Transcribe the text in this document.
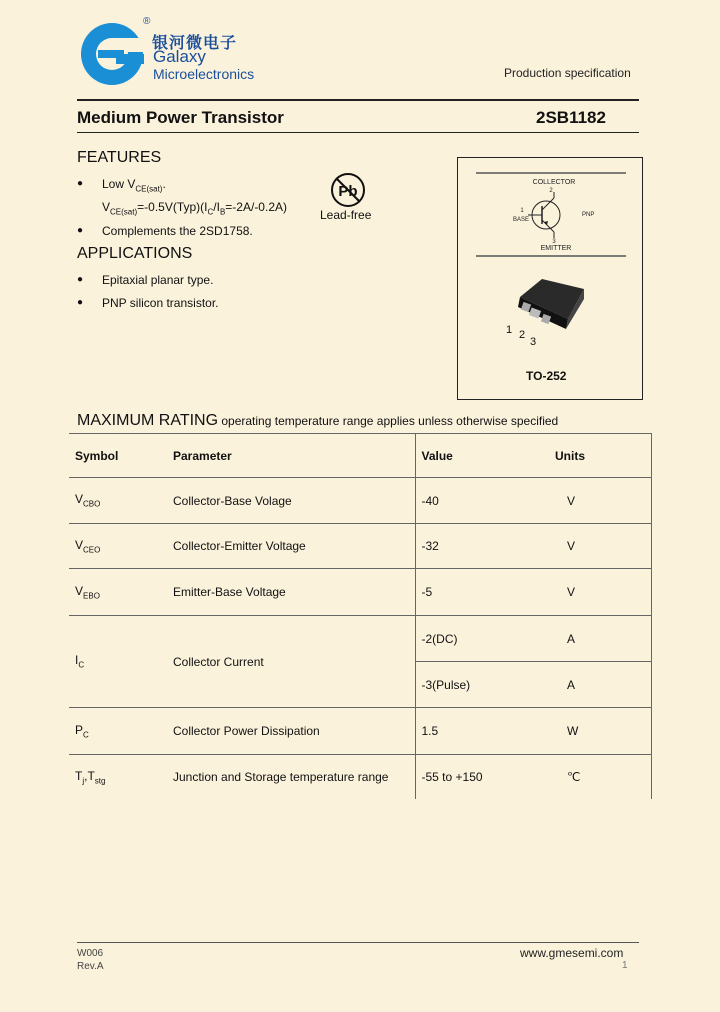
®
银河微电子
Galaxy
Microelectronics	Production specification
Medium Power Transistor	2SB1182
FEATURES
● Low $V_{CE(sat)}$.
$V_{CE(sat)}=-0.5V(Typ)(I_C/I_B=-2A/-0.2A)$
● Complements the 2SD1758.
Pb
Lead-free
APPLICATIONS
● Epitaxial planar type.
● PNP silicon transistor.
COLLECTOR
2
1
BASE
PNP
3
EMITTER
1 2
3
TO-252
MAXIMUM RATING operating temperature range applies unless otherwise specified
Symbol	Parameter	Value	Units
$V_{CBO}$	Collector-Base Volage	-40	V
$V_{CEO}$	Collector-Emitter Voltage	-32	V
$V_{EBO}$	Emitter-Base Voltage	-5	V
$I_C$	Collector Current	-2(DC)	A
		-3(Pulse)	A
$P_C$	Collector Power Dissipation	1.5	W
$T_j,T_{stg}$	Junction and Storage temperature range	-55 to +150	℃
W006
Rev.A
www.gmesemi.com
1
